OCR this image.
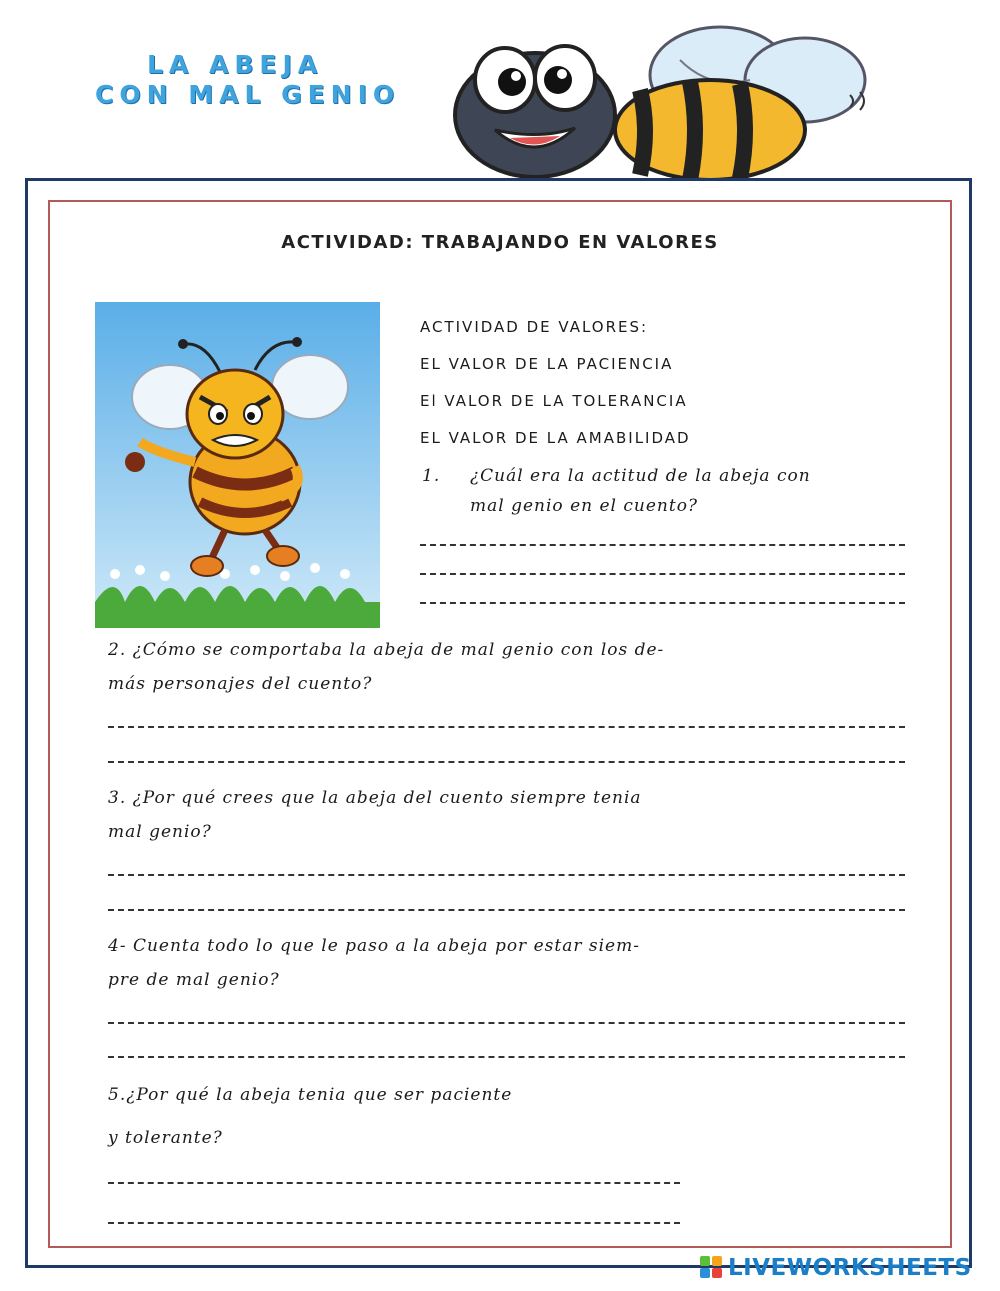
LA ABEJA
CON MAL GENIO
ACTIVIDAD: TRABAJANDO EN VALORES
ACTIVIDAD DE VALORES:
EL VALOR DE LA PACIENCIA
El VALOR DE LA TOLERANCIA
EL VALOR DE LA AMABILIDAD
1. ¿Cuál era la actitud de la abeja con
mal genio en el cuento?
2. ¿Cómo se comportaba la abeja de mal genio con los de-
más personajes del cuento?
3. ¿Por qué crees que la abeja del cuento siempre tenia
mal genio?
4- Cuenta todo lo que le paso a la abeja por estar siem-
pre de mal genio?
5.¿Por qué la abeja tenia que ser paciente
y tolerante?
LIVEWORKSHEETS
